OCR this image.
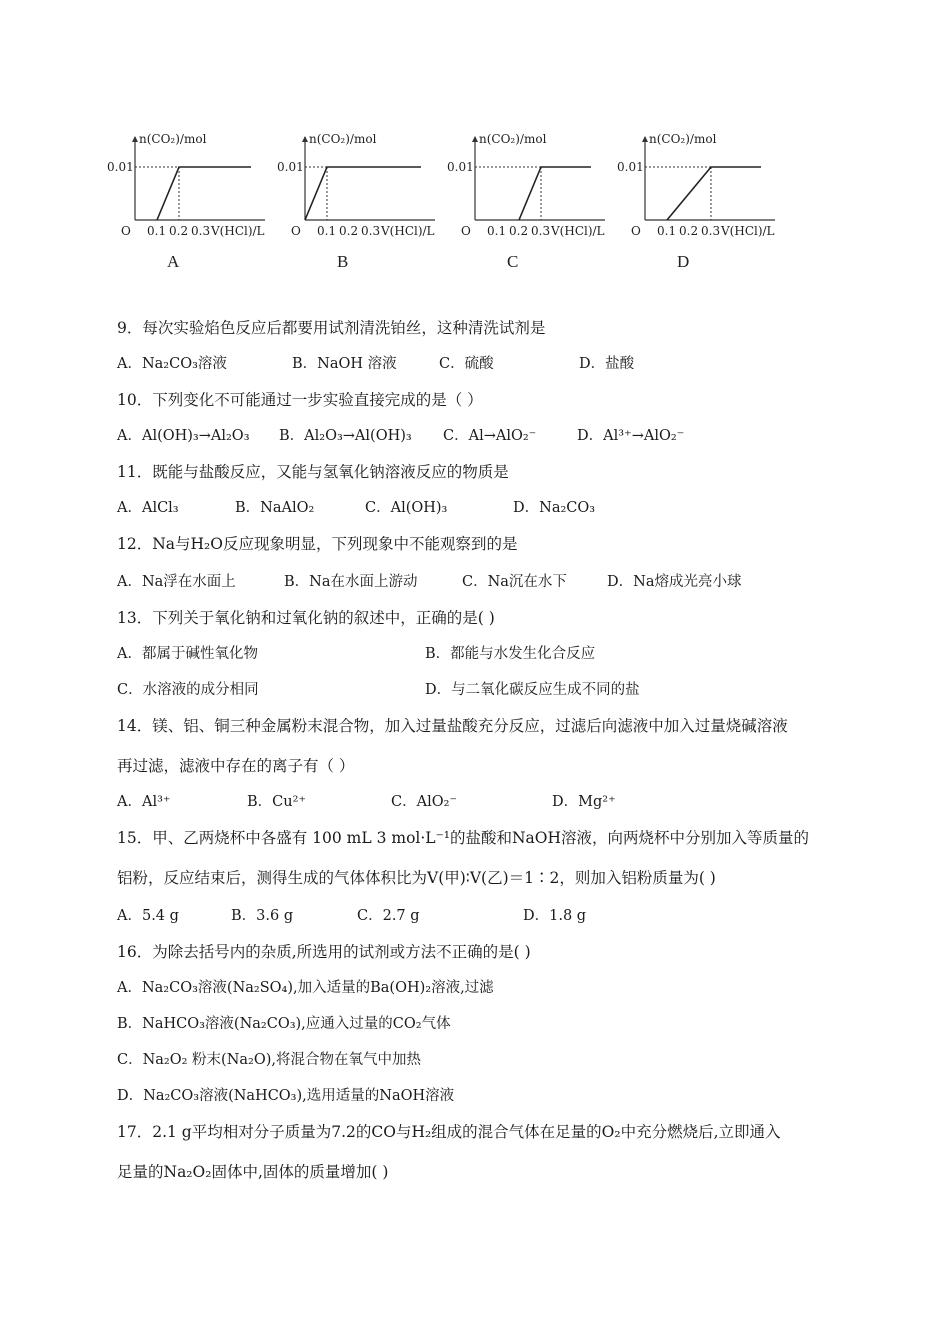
n(CO₂)/mol
0.01
O 0.1 0.2 0.3 V(HCl)/L
A
n(CO₂)/mol
0.01
O 0.1 0.2 0.3 V(HCl)/L
B
n(CO₂)/mol
0.01
O 0.1 0.2 0.3 V(HCl)/L
C
n(CO₂)/mol
0.01
O 0.1 0.2 0.3 V(HCl)/L
D
9．每次实验焰色反应后都要用试剂清洗铂丝，这种清洗试剂是
A．Na₂CO₃溶液	B．NaOH 溶液	C．硫酸	D．盐酸
10．下列变化不可能通过一步实验直接完成的是（ ）
A．Al(OH)₃→Al₂O₃ B．Al₂O₃→Al(OH)₃ C．Al→AlO₂⁻	D．Al³⁺→AlO₂⁻
11．既能与盐酸反应，又能与氢氧化钠溶液反应的物质是
A．AlCl₃	B．NaAlO₂	C．Al(OH)₃	D．Na₂CO₃
12．Na与H₂O反应现象明显，下列现象中不能观察到的是
A．Na浮在水面上	B．Na在水面上游动	C．Na沉在水下	D．Na熔成光亮小球
13．下列关于氧化钠和过氧化钠的叙述中，正确的是( )
A．都属于碱性氧化物	B．都能与水发生化合反应
C．水溶液的成分相同	D．与二氧化碳反应生成不同的盐
14．镁、铝、铜三种金属粉末混合物，加入过量盐酸充分反应，过滤后向滤液中加入过量烧碱溶液
再过滤，滤液中存在的离子有（ ）
A．Al³⁺	B．Cu²⁺	C．AlO₂⁻	D．Mg²⁺
15．甲、乙两烧杯中各盛有 100 mL 3 mol·L⁻¹的盐酸和NaOH溶液，向两烧杯中分别加入等质量的
铝粉，反应结束后，测得生成的气体体积比为V(甲)∶V(乙)＝1∶2，则加入铝粉质量为( )
A．5.4 g	B．3.6 g	C．2.7 g	D．1.8 g
16．为除去括号内的杂质,所选用的试剂或方法不正确的是( )
A．Na₂CO₃溶液(Na₂SO₄),加入适量的Ba(OH)₂溶液,过滤
B．NaHCO₃溶液(Na₂CO₃),应通入过量的CO₂气体
C．Na₂O₂ 粉末(Na₂O),将混合物在氧气中加热
D．Na₂CO₃溶液(NaHCO₃),选用适量的NaOH溶液
17．2.1 g平均相对分子质量为7.2的CO与H₂组成的混合气体在足量的O₂中充分燃烧后,立即通入
足量的Na₂O₂固体中,固体的质量增加( )
